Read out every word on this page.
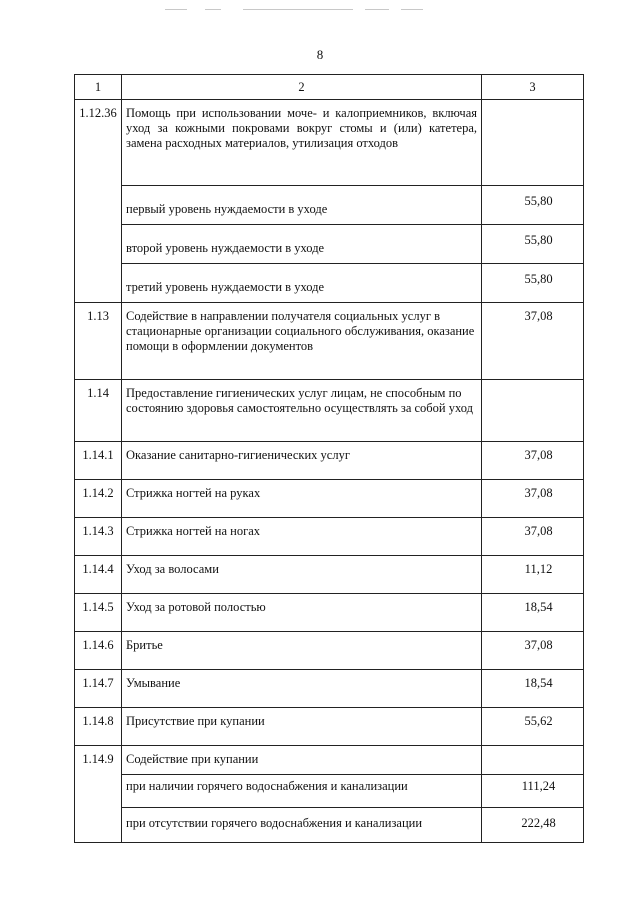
8
1	2	3
1.12.36	Помощь при использовании моче- и калоприемников, включая уход за кожными покровами вокруг стомы и (или) катетера, замена расходных материалов, утилизация отходов	
	первый уровень нуждаемости в уходе	55,80
	второй уровень нуждаемости в уходе	55,80
	третий уровень нуждаемости в уходе	55,80
1.13	Содействие в направлении получателя социальных услуг в стационарные организации социального обслуживания, оказание помощи в оформлении документов	37,08
1.14	Предоставление гигиенических услуг лицам, не способным по состоянию здоровья самостоятельно осуществлять за собой уход	
1.14.1	Оказание санитарно-гигиенических услуг	37,08
1.14.2	Стрижка ногтей на руках	37,08
1.14.3	Стрижка ногтей на ногах	37,08
1.14.4	Уход за волосами	11,12
1.14.5	Уход за ротовой полостью	18,54
1.14.6	Бритье	37,08
1.14.7	Умывание	18,54
1.14.8	Присутствие при купании	55,62
1.14.9	Содействие при купании	
	при наличии горячего водоснабжения и канализации	111,24
	при отсутствии горячего водоснабжения и канализации	222,48
